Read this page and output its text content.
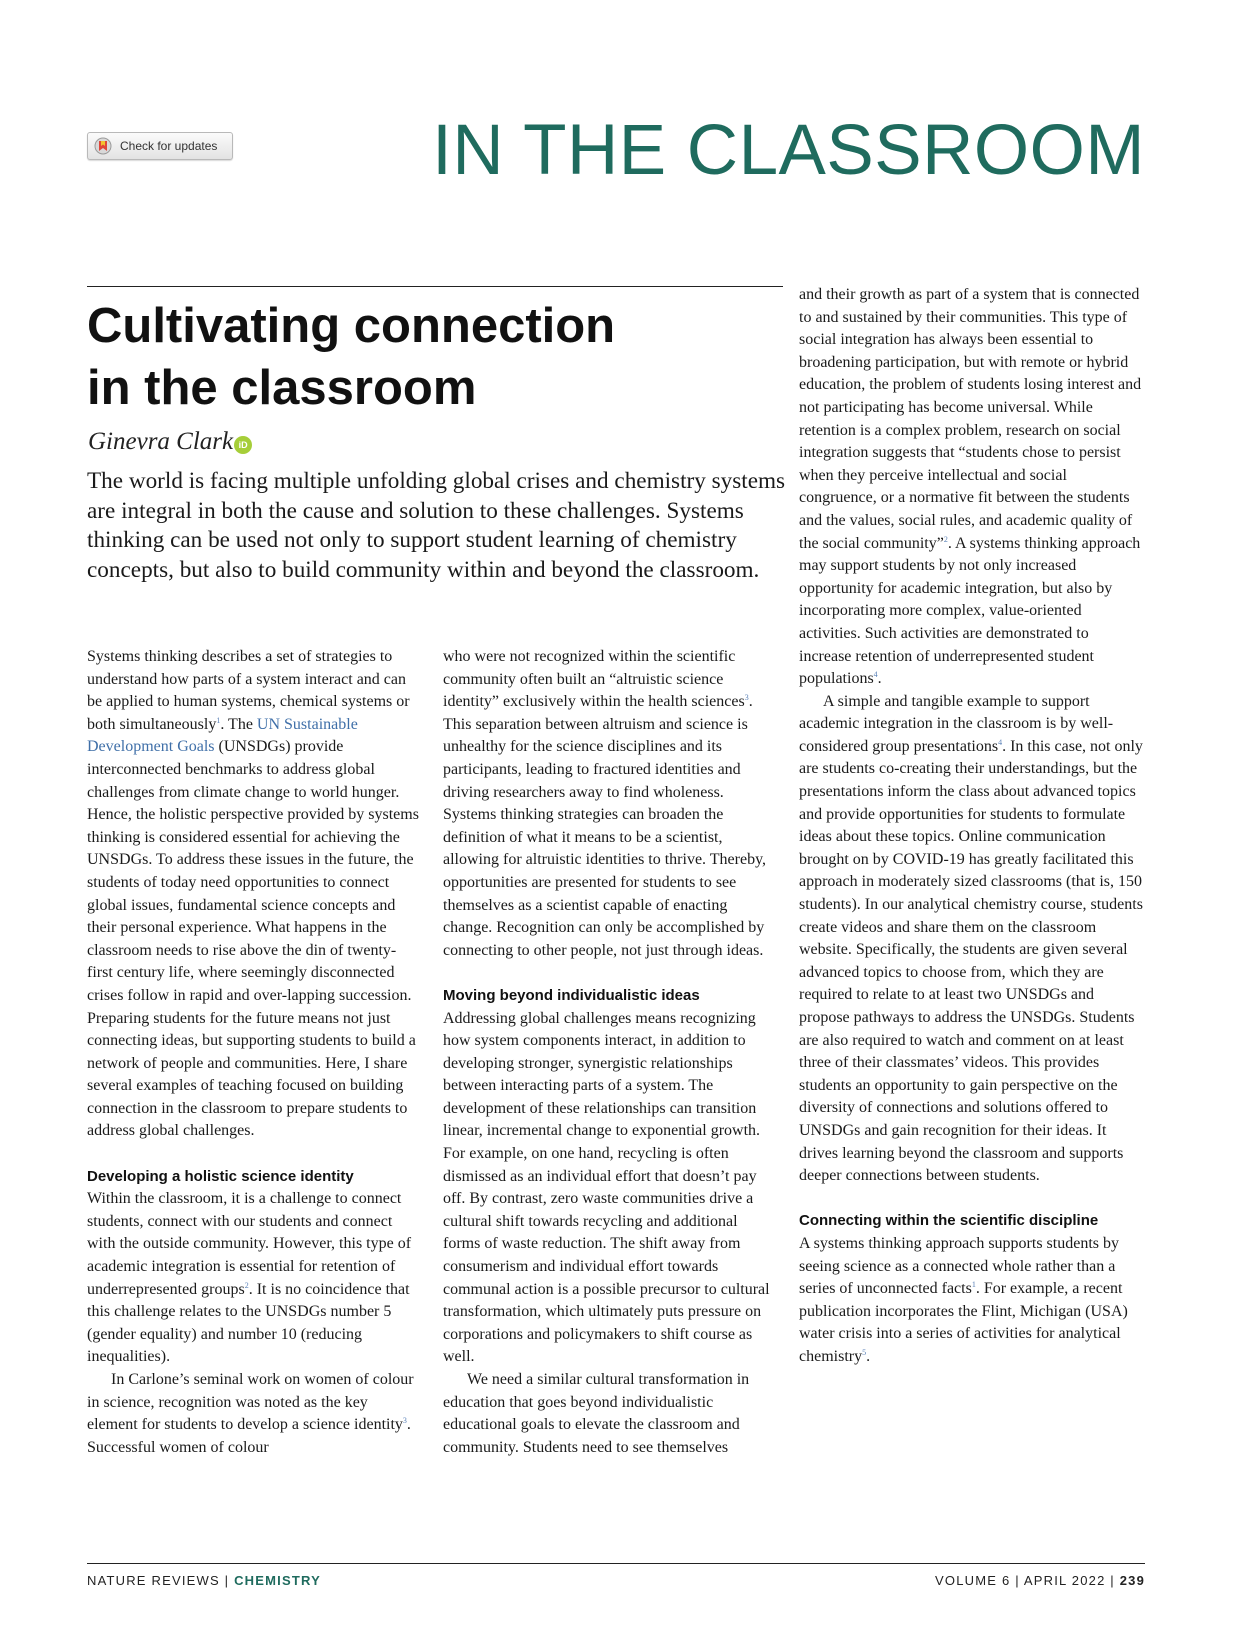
Check for updates	IN THE CLASSROOM
Cultivating connection
in the classroom
Ginevra Clark iD

The world is facing multiple unfolding global crises and chemistry systems are integral in both the cause and solution to these challenges. Systems thinking can be used not only to support student learning of chemistry concepts, but also to build community within and beyond the classroom.

Systems thinking describes a set of strategies to understand how parts of a system interact and can be applied to human systems, chemical systems or both simultaneously$^1$. The UN Sustainable Development Goals (UNSDGs) provide interconnected benchmarks to address global challenges from climate change to world hunger. Hence, the holistic perspective provided by systems thinking is considered essential for achieving the UNSDGs. To address these issues in the future, the students of today need opportunities to connect global issues, fundamental science concepts and their personal experience. What happens in the classroom needs to rise above the din of twenty-first century life, where seemingly disconnected crises follow in rapid and over-lapping succession. Preparing students for the future means not just connecting ideas, but supporting students to build a network of people and communities. Here, I share several examples of teaching focused on building connection in the classroom to prepare students to address global challenges.

Developing a holistic science identity

Within the classroom, it is a challenge to connect students, connect with our students and connect with the outside community. However, this type of academic integration is essential for retention of underrepresented groups$^2$. It is no coincidence that this challenge relates to the UNSDGs number 5 (gender equality) and number 10 (reducing inequalities).

In Carlone’s seminal work on women of colour in science, recognition was noted as the key element for students to develop a science identity$^3$. Successful women of colour

who were not recognized within the scientific community often built an “altruistic science identity” exclusively within the health sciences$^3$. This separation between altruism and science is unhealthy for the science disciplines and its participants, leading to fractured identities and driving researchers away to find wholeness. Systems thinking strategies can broaden the definition of what it means to be a scientist, allowing for altruistic identities to thrive. Thereby, opportunities are presented for students to see themselves as a scientist capable of enacting change. Recognition can only be accomplished by connecting to other people, not just through ideas.

Moving beyond individualistic ideas

Addressing global challenges means recognizing how system components interact, in addition to developing stronger, synergistic relationships between interacting parts of a system. The development of these relationships can transition linear, incremental change to exponential growth. For example, on one hand, recycling is often dismissed as an individual effort that doesn’t pay off. By contrast, zero waste communities drive a cultural shift towards recycling and additional forms of waste reduction. The shift away from consumerism and individual effort towards communal action is a possible precursor to cultural transformation, which ultimately puts pressure on corporations and policymakers to shift course as well.

We need a similar cultural transformation in education that goes beyond individualistic educational goals to elevate the classroom and community. Students need to see themselves

and their growth as part of a system that is connected to and sustained by their communities. This type of social integration has always been essential to broadening participation, but with remote or hybrid education, the problem of students losing interest and not participating has become universal. While retention is a complex problem, research on social integration suggests that “students chose to persist when they perceive intellectual and social congruence, or a normative fit between the students and the values, social rules, and academic quality of the social community”$^2$. A systems thinking approach may support students by not only increased opportunity for academic integration, but also by incorporating more complex, value-oriented activities. Such activities are demonstrated to increase retention of underrepresented student populations$^4$.

A simple and tangible example to support academic integration in the classroom is by well-considered group presentations$^4$. In this case, not only are students co-creating their understandings, but the presentations inform the class about advanced topics and provide opportunities for students to formulate ideas about these topics. Online communication brought on by COVID-19 has greatly facilitated this approach in moderately sized classrooms (that is, 150 students). In our analytical chemistry course, students create videos and share them on the classroom website. Specifically, the students are given several advanced topics to choose from, which they are required to relate to at least two UNSDGs and propose pathways to address the UNSDGs. Students are also required to watch and comment on at least three of their classmates’ videos. This provides students an opportunity to gain perspective on the diversity of connections and solutions offered to UNSDGs and gain recognition for their ideas. It drives learning beyond the classroom and supports deeper connections between students.

Connecting within the scientific discipline

A systems thinking approach supports students by seeing science as a connected whole rather than a series of unconnected facts$^1$. For example, a recent publication incorporates the Flint, Michigan (USA) water crisis into a series of activities for analytical chemistry$^5$.

NATURE REVIEWS | CHEMISTRY	VOLUME 6 | APRIL 2022 | 239
